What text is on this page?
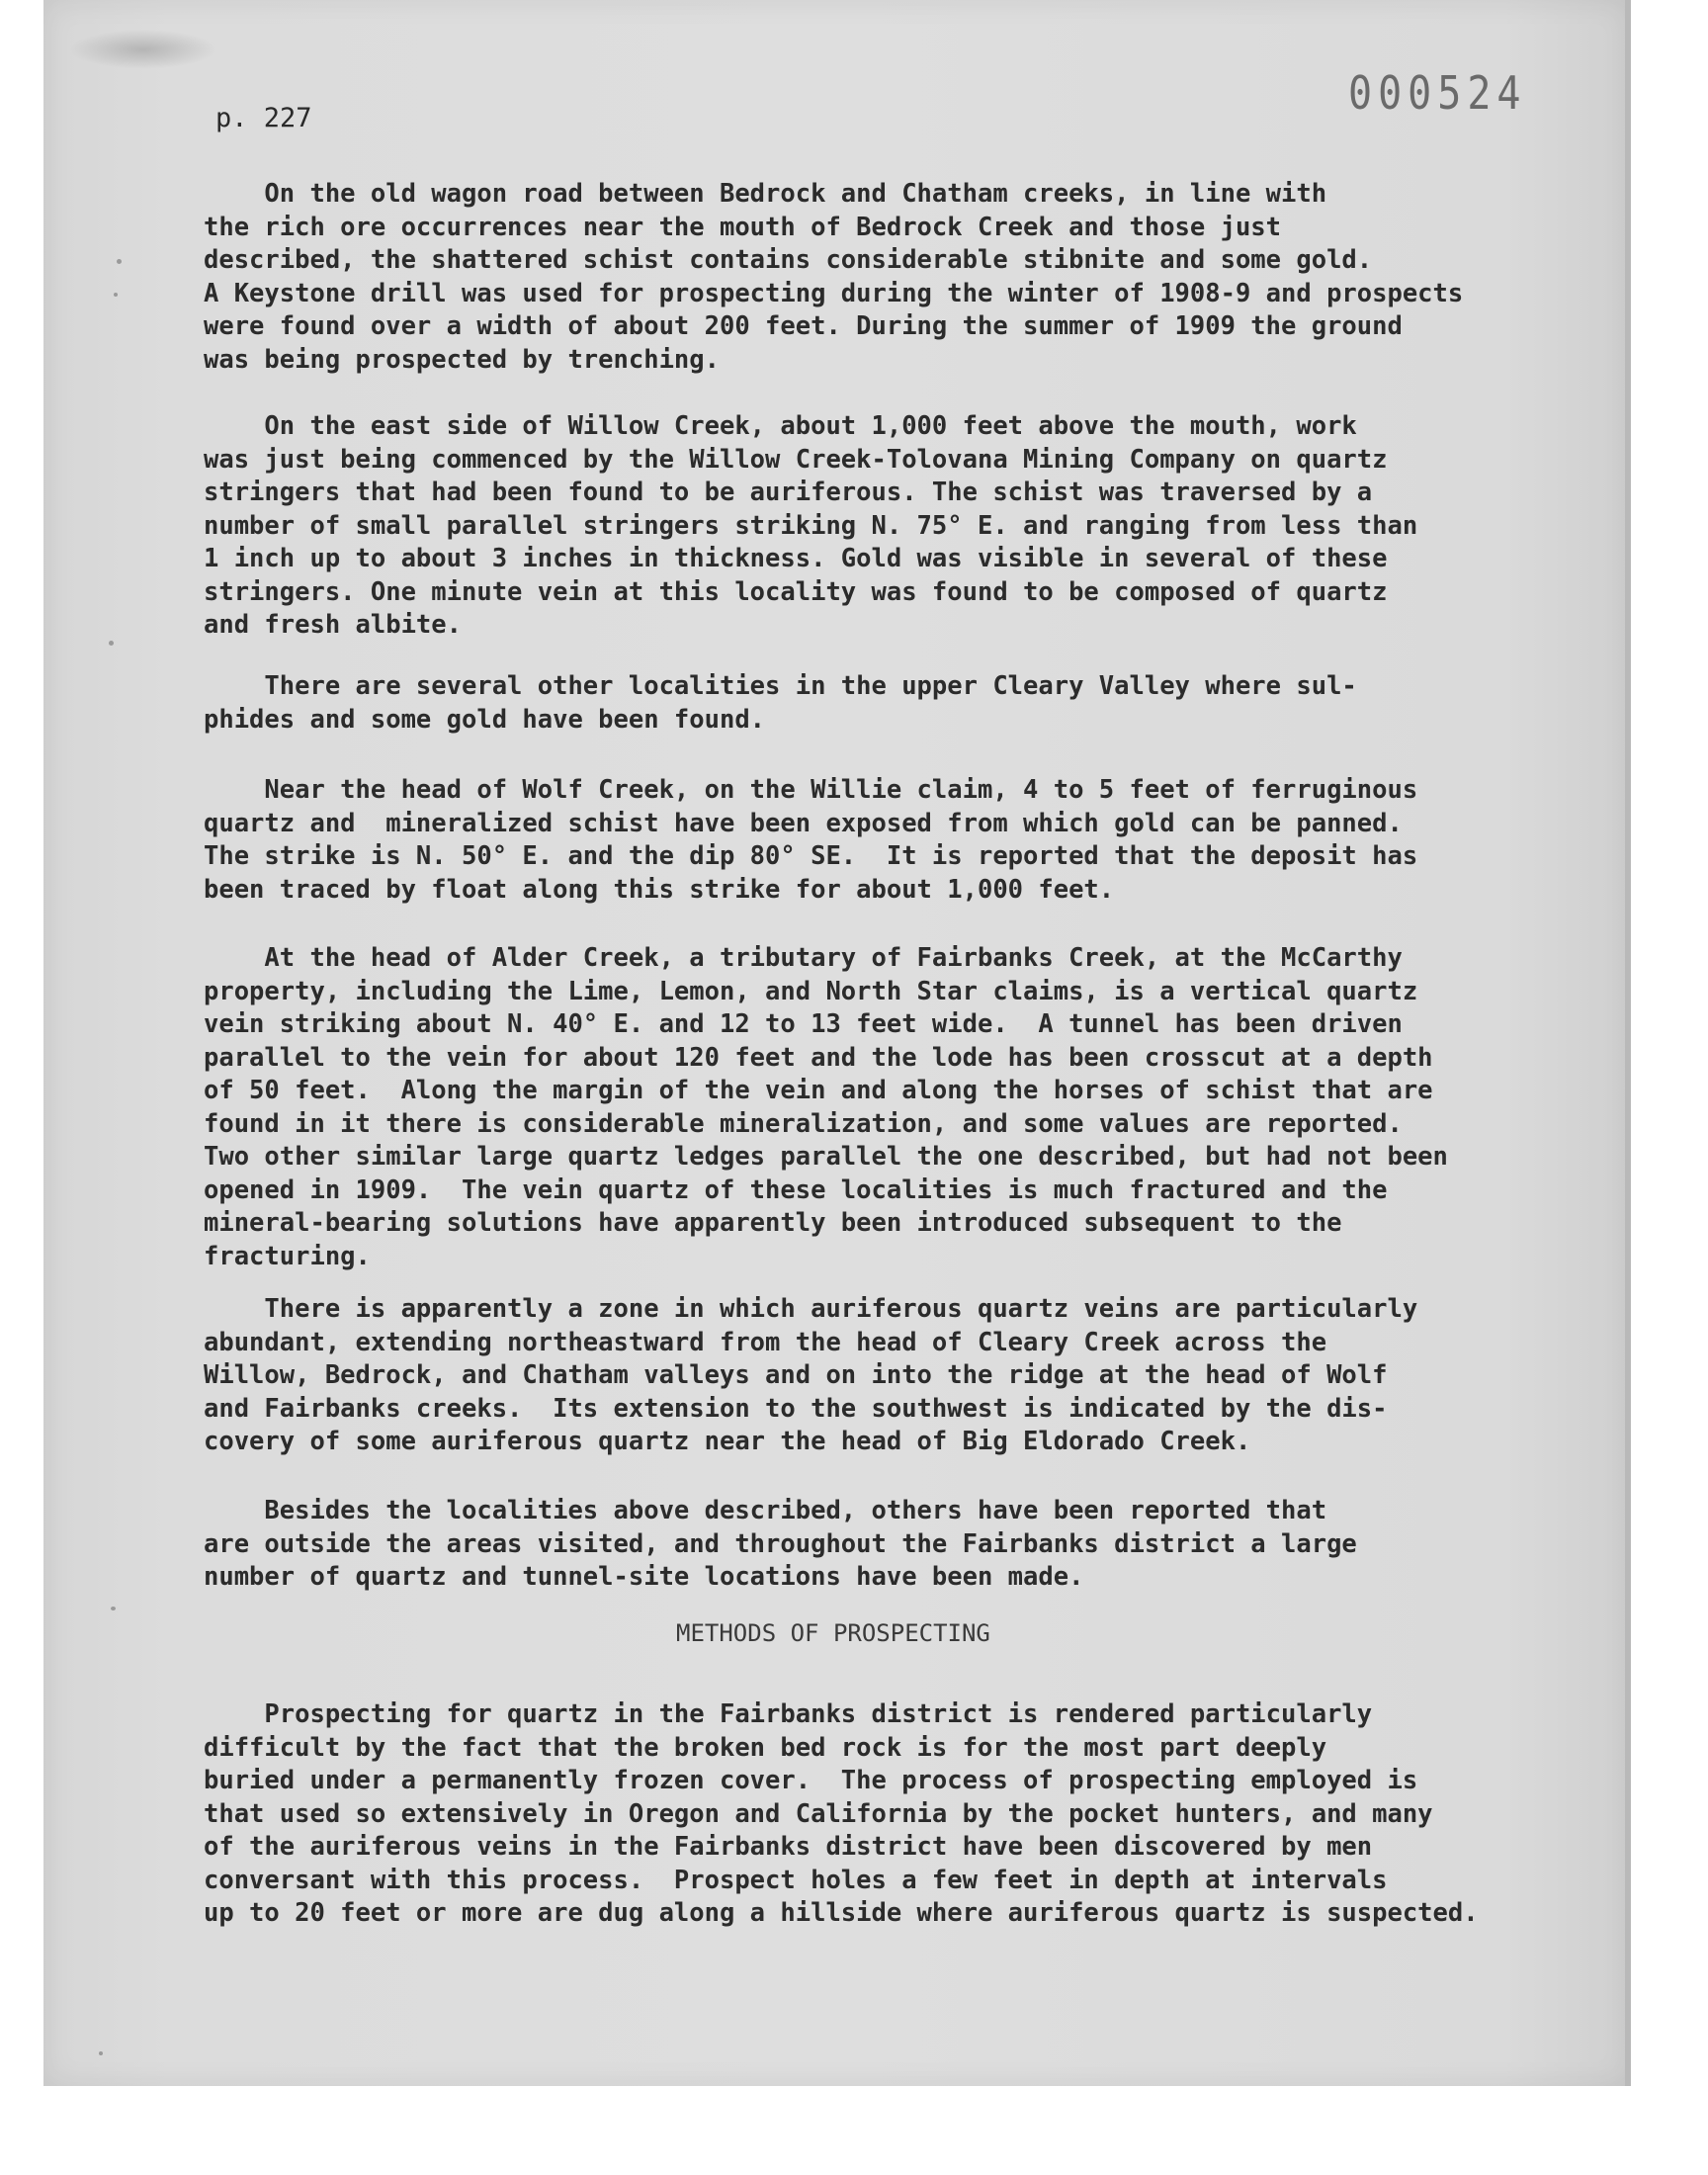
p. 227	000524
On the old wagon road between Bedrock and Chatham creeks, in line with
the rich ore occurrences near the mouth of Bedrock Creek and those just
described, the shattered schist contains considerable stibnite and some gold.
A Keystone drill was used for prospecting during the winter of 1908-9 and prospects
were found over a width of about 200 feet. During the summer of 1909 the ground
was being prospected by trenching.
On the east side of Willow Creek, about 1,000 feet above the mouth, work
was just being commenced by the Willow Creek-Tolovana Mining Company on quartz
stringers that had been found to be auriferous. The schist was traversed by a
number of small parallel stringers striking N. 75° E. and ranging from less than
1 inch up to about 3 inches in thickness. Gold was visible in several of these
stringers. One minute vein at this locality was found to be composed of quartz
and fresh albite.
There are several other localities in the upper Cleary Valley where sul-
phides and some gold have been found.
Near the head of Wolf Creek, on the Willie claim, 4 to 5 feet of ferruginous
quartz and  mineralized schist have been exposed from which gold can be panned.
The strike is N. 50° E. and the dip 80° SE.  It is reported that the deposit has
been traced by float along this strike for about 1,000 feet.
At the head of Alder Creek, a tributary of Fairbanks Creek, at the McCarthy
property, including the Lime, Lemon, and North Star claims, is a vertical quartz
vein striking about N. 40° E. and 12 to 13 feet wide.  A tunnel has been driven
parallel to the vein for about 120 feet and the lode has been crosscut at a depth
of 50 feet.  Along the margin of the vein and along the horses of schist that are
found in it there is considerable mineralization, and some values are reported.
Two other similar large quartz ledges parallel the one described, but had not been
opened in 1909.  The vein quartz of these localities is much fractured and the
mineral-bearing solutions have apparently been introduced subsequent to the
fracturing.
There is apparently a zone in which auriferous quartz veins are particularly
abundant, extending northeastward from the head of Cleary Creek across the
Willow, Bedrock, and Chatham valleys and on into the ridge at the head of Wolf
and Fairbanks creeks.  Its extension to the southwest is indicated by the dis-
covery of some auriferous quartz near the head of Big Eldorado Creek.
Besides the localities above described, others have been reported that
are outside the areas visited, and throughout the Fairbanks district a large
number of quartz and tunnel-site locations have been made.
METHODS OF PROSPECTING
Prospecting for quartz in the Fairbanks district is rendered particularly
difficult by the fact that the broken bed rock is for the most part deeply
buried under a permanently frozen cover.  The process of prospecting employed is
that used so extensively in Oregon and California by the pocket hunters, and many
of the auriferous veins in the Fairbanks district have been discovered by men
conversant with this process.  Prospect holes a few feet in depth at intervals
up to 20 feet or more are dug along a hillside where auriferous quartz is suspected.
